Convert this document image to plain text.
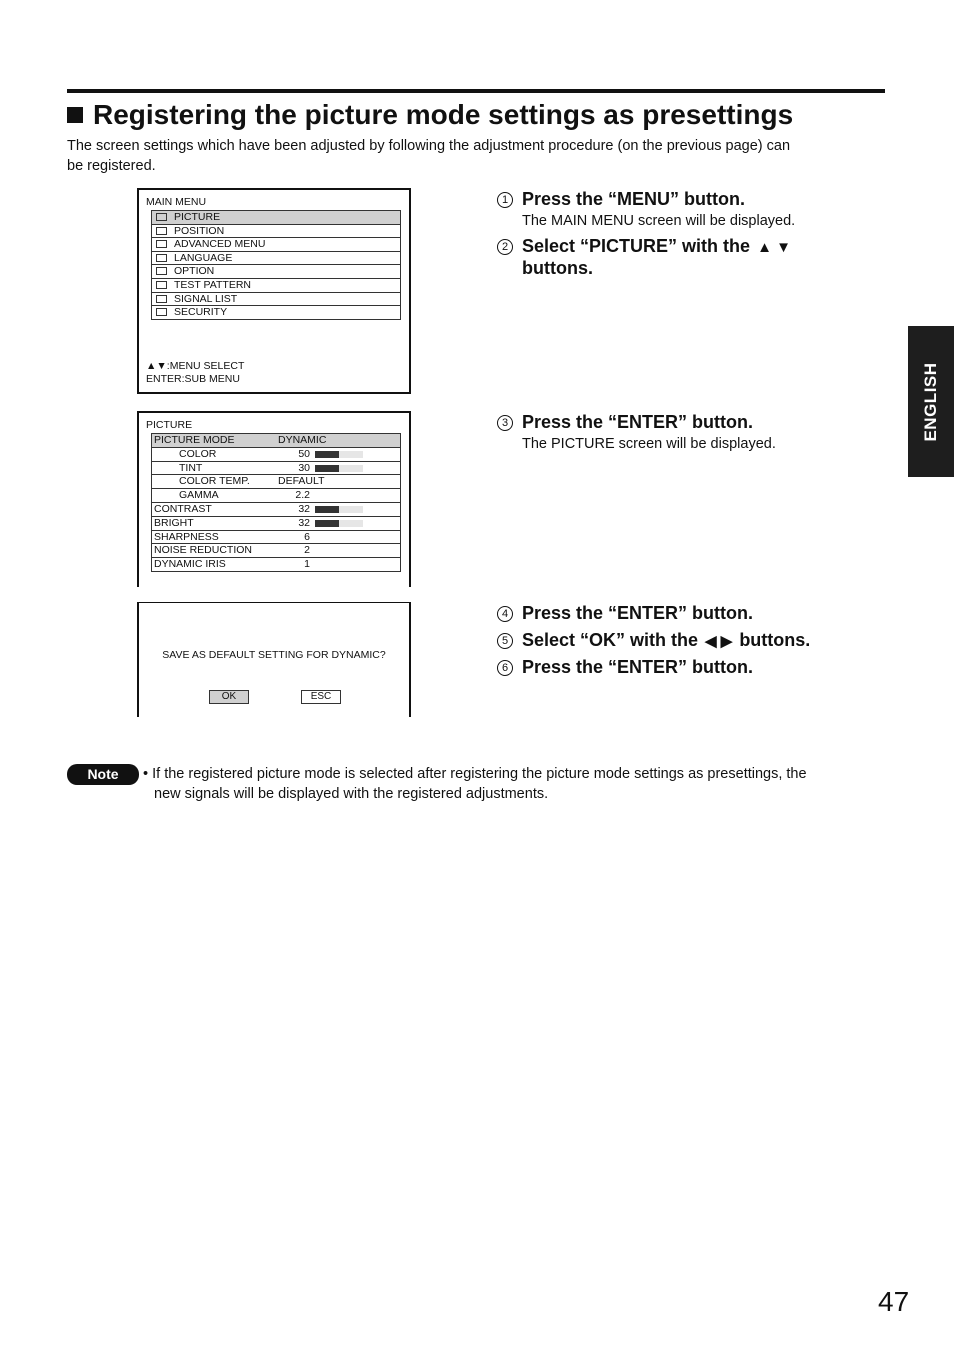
Registering the picture mode settings as presettings
The screen settings which have been adjusted by following the adjustment procedure (on the previous page) can
be registered.
ENGLISH
MAIN MENU
PICTURE
POSITION
ADVANCED MENU
LANGUAGE
OPTION
TEST PATTERN
SIGNAL LIST
SECURITY
▲▼:MENU SELECT
ENTER:SUB MENU
PICTURE
PICTURE MODE	DYNAMIC
COLOR	50
TINT	30
COLOR TEMP.	DEFAULT
GAMMA	2.2
CONTRAST	32
BRIGHT	32
SHARPNESS	6
NOISE REDUCTION	2
DYNAMIC IRIS	1
SAVE AS DEFAULT SETTING FOR DYNAMIC?
OK	ESC
1 Press the “MENU” button.
The MAIN MENU screen will be displayed.
2 Select “PICTURE” with the ▲ ▼
buttons.
3 Press the “ENTER” button.
The PICTURE screen will be displayed.
4 Press the “ENTER” button.
5 Select “OK” with the ◀ ▶ buttons.
6 Press the “ENTER” button.
Note	• If the registered picture mode is selected after registering the picture mode settings as presettings, the
new signals will be displayed with the registered adjustments.
47
